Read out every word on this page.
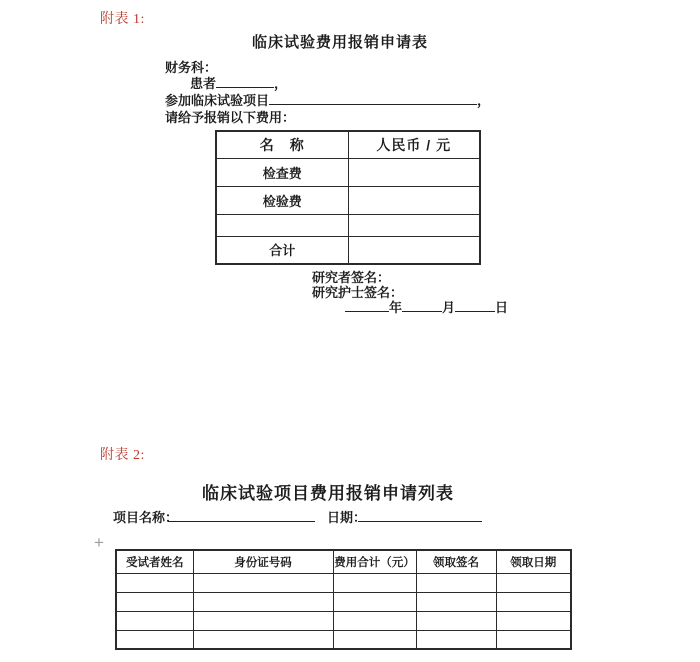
附表 1:
临床试验费用报销申请表
财务科：
患者	，
参加临床试验项目	，
请给予报销以下费用：
名　称	人民币 / 元
检查费	
检验费	

合计	
研究者签名：
研究护士签名：
年	月	日
附表 2:
临床试验项目费用报销申请列表
项目名称：	日期：
+
受试者姓名	身份证号码	费用合计（元）	领取签名	领取日期
